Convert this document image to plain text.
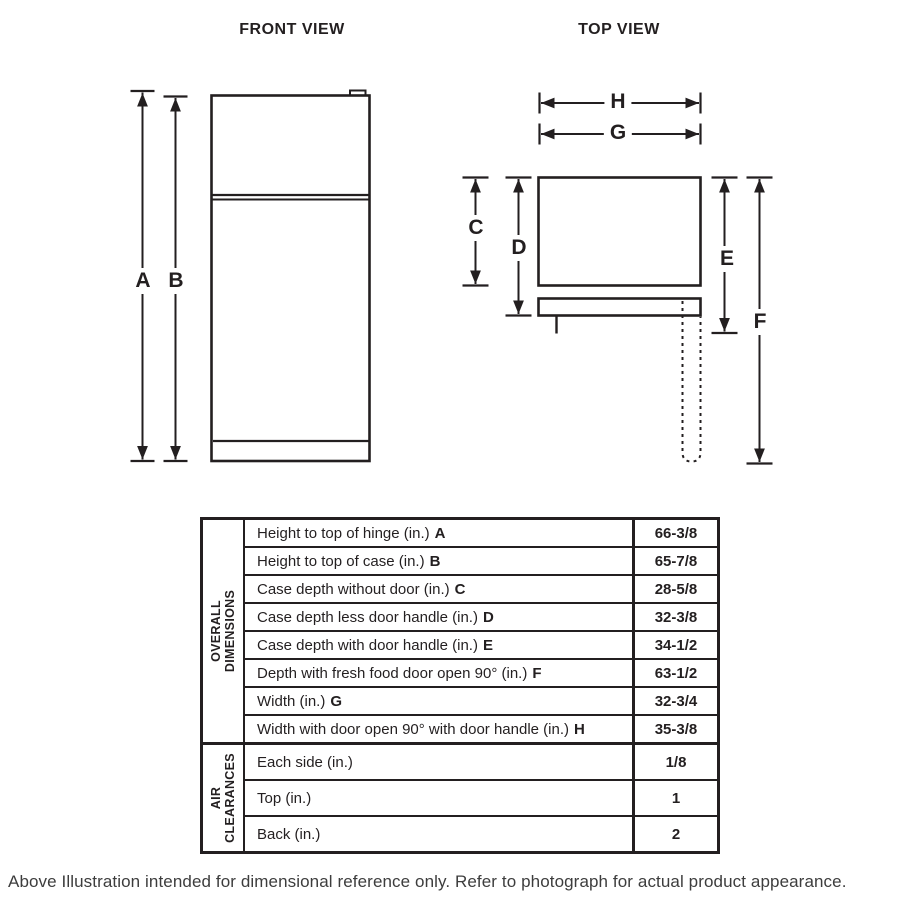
FRONT VIEW	TOP VIEW
A B
C
D	E
F
G
H
OVERALL DIMENSIONS
Height to top of hinge (in.) A	66-3/8
Height to top of case (in.) B	65-7/8
Case depth without door (in.) C	28-5/8
Case depth less door handle (in.) D	32-3/8
Case depth with door handle (in.) E	34-1/2
Depth with fresh food door open 90° (in.) F	63-1/2
Width (in.) G	32-3/4
Width with door open 90° with door handle (in.) H	35-3/8
AIR CLEARANCES Each side (in.)	1/8
Top (in.)	1
Back (in.)	2
Above Illustration intended for dimensional reference only. Refer to photograph for actual product appearance.
